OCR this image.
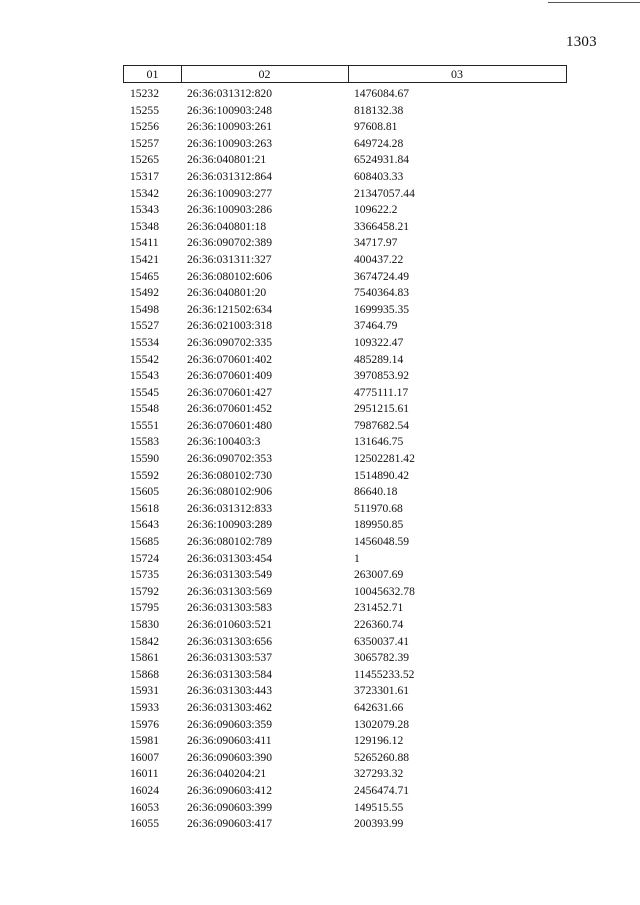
1303
01	02	03
15232 26:36:031312:820	1476084.67
15255 26:36:100903:248	818132.38
15256 26:36:100903:261	97608.81
15257 26:36:100903:263	649724.28
15265 26:36:040801:21	6524931.84
15317 26:36:031312:864	608403.33
15342 26:36:100903:277	21347057.44
15343 26:36:100903:286	109622.2
15348 26:36:040801:18	3366458.21
15411 26:36:090702:389	34717.97
15421 26:36:031311:327	400437.22
15465 26:36:080102:606	3674724.49
15492 26:36:040801:20	7540364.83
15498 26:36:121502:634	1699935.35
15527 26:36:021003:318	37464.79
15534 26:36:090702:335	109322.47
15542 26:36:070601:402	485289.14
15543 26:36:070601:409	3970853.92
15545 26:36:070601:427	4775111.17
15548 26:36:070601:452	2951215.61
15551 26:36:070601:480	7987682.54
15583 26:36:100403:3	131646.75
15590 26:36:090702:353	12502281.42
15592 26:36:080102:730	1514890.42
15605 26:36:080102:906	86640.18
15618 26:36:031312:833	511970.68
15643 26:36:100903:289	189950.85
15685 26:36:080102:789	1456048.59
15724 26:36:031303:454	1
15735 26:36:031303:549	263007.69
15792 26:36:031303:569	10045632.78
15795 26:36:031303:583	231452.71
15830 26:36:010603:521	226360.74
15842 26:36:031303:656	6350037.41
15861 26:36:031303:537	3065782.39
15868 26:36:031303:584	11455233.52
15931 26:36:031303:443	3723301.61
15933 26:36:031303:462	642631.66
15976 26:36:090603:359	1302079.28
15981 26:36:090603:411	129196.12
16007 26:36:090603:390	5265260.88
16011 26:36:040204:21	327293.32
16024 26:36:090603:412	2456474.71
16053 26:36:090603:399	149515.55
16055 26:36:090603:417	200393.99
